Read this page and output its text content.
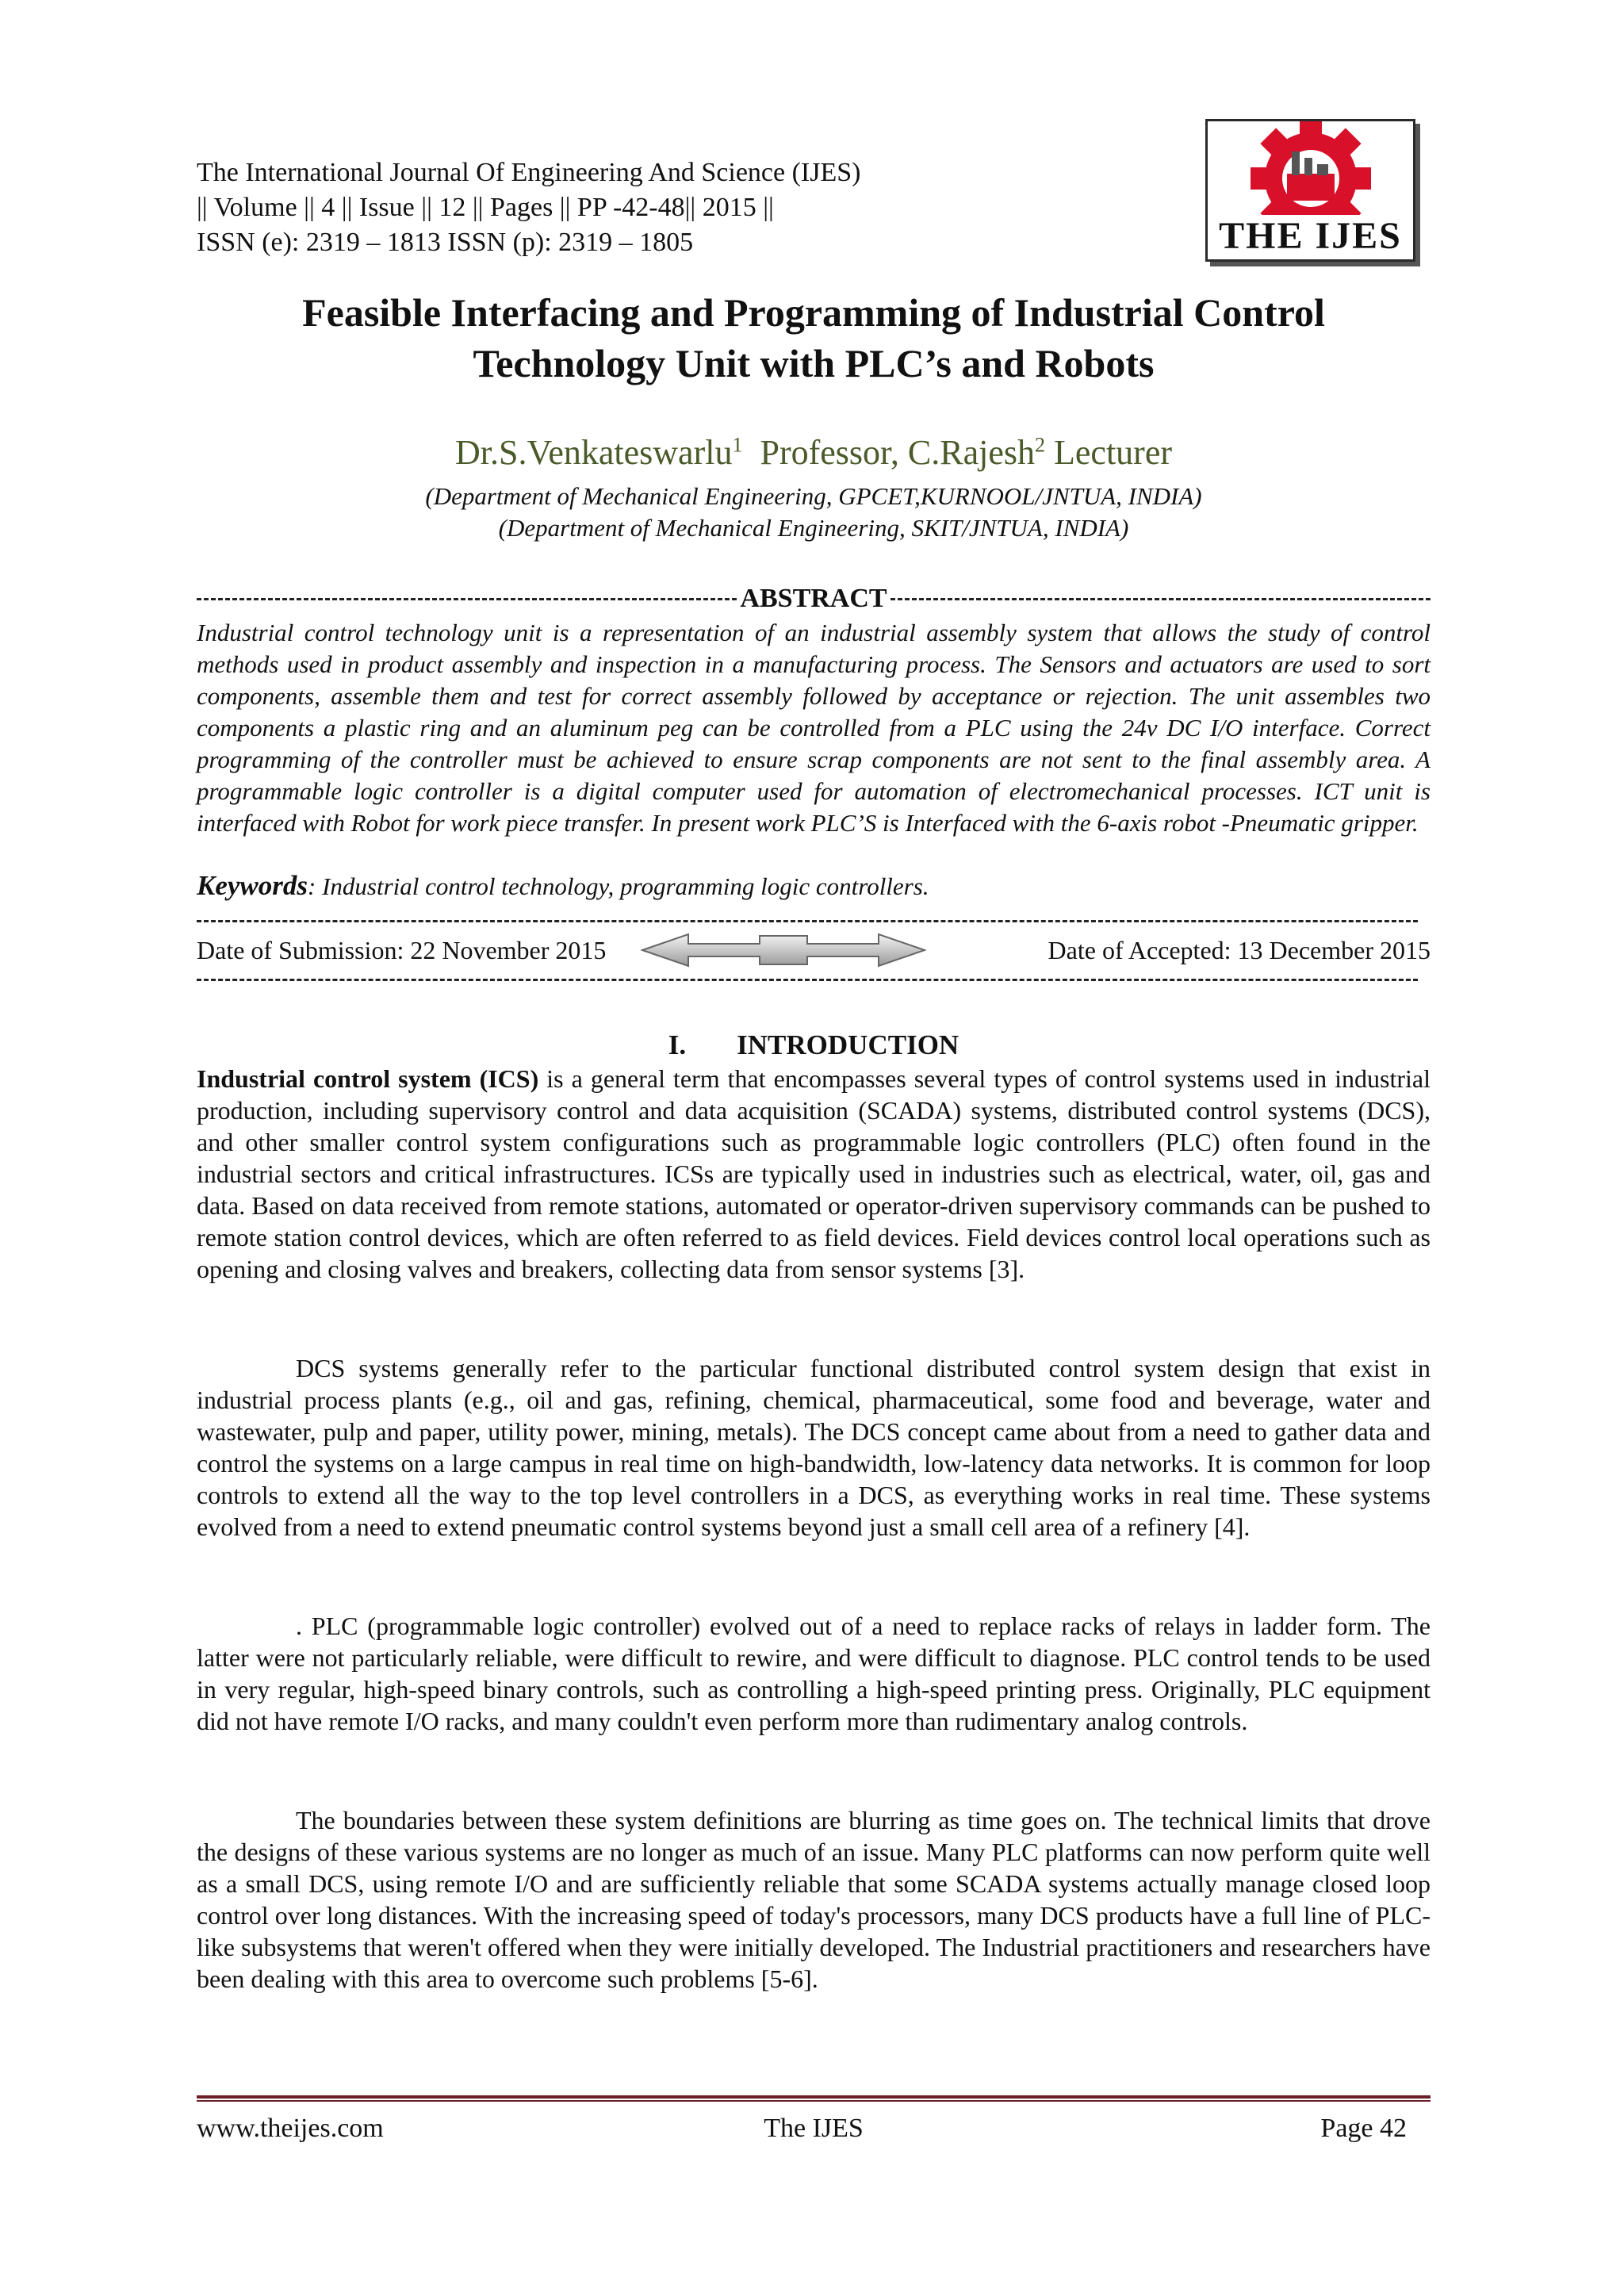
The International Journal Of Engineering And Science (IJES)
|| Volume || 4 || Issue || 12 || Pages || PP -42-48|| 2015 ||
ISSN (e): 2319 – 1813 ISSN (p): 2319 – 1805	THE IJES
Feasible Interfacing and Programming of Industrial Control
Technology Unit with PLC’s and Robots
Dr.S.Venkateswarlu$^1$ Professor, C.Rajesh$^2$ Lecturer
(Department of Mechanical Engineering, GPCET,KURNOOL/JNTUA, INDIA)
(Department of Mechanical Engineering, SKIT/JNTUA, INDIA)
ABSTRACT
Industrial control technology unit is a representation of an industrial assembly system that allows the study of control methods used in product assembly and inspection in a manufacturing process. The Sensors and actuators are used to sort components, assemble them and test for correct assembly followed by acceptance or rejection. The unit assembles two components a plastic ring and an aluminum peg can be controlled from a PLC using the 24v DC I/O interface. Correct programming of the controller must be achieved to ensure scrap components are not sent to the final assembly area. A programmable logic controller is a digital computer used for automation of electromechanical processes. ICT unit is interfaced with Robot for work piece transfer. In present work PLC’S is Interfaced with the 6-axis robot -Pneumatic gripper.
Keywords: Industrial control technology, programming logic controllers.
Date of Submission: 22 November 2015	Date of Accepted: 13 December 2015
I. INTRODUCTION
Industrial control system (ICS) is a general term that encompasses several types of control systems used in industrial production, including supervisory control and data acquisition (SCADA) systems, distributed control systems (DCS), and other smaller control system configurations such as programmable logic controllers (PLC) often found in the industrial sectors and critical infrastructures. ICSs are typically used in industries such as electrical, water, oil, gas and data. Based on data received from remote stations, automated or operator-driven supervisory commands can be pushed to remote station control devices, which are often referred to as field devices. Field devices control local operations such as opening and closing valves and breakers, collecting data from sensor systems [3].
DCS systems generally refer to the particular functional distributed control system design that exist in industrial process plants (e.g., oil and gas, refining, chemical, pharmaceutical, some food and beverage, water and wastewater, pulp and paper, utility power, mining, metals). The DCS concept came about from a need to gather data and control the systems on a large campus in real time on high-bandwidth, low-latency data networks. It is common for loop controls to extend all the way to the top level controllers in a DCS, as everything works in real time. These systems evolved from a need to extend pneumatic control systems beyond just a small cell area of a refinery [4].
. PLC (programmable logic controller) evolved out of a need to replace racks of relays in ladder form. The latter were not particularly reliable, were difficult to rewire, and were difficult to diagnose. PLC control tends to be used in very regular, high-speed binary controls, such as controlling a high-speed printing press. Originally, PLC equipment did not have remote I/O racks, and many couldn't even perform more than rudimentary analog controls.
The boundaries between these system definitions are blurring as time goes on. The technical limits that drove the designs of these various systems are no longer as much of an issue. Many PLC platforms can now perform quite well as a small DCS, using remote I/O and are sufficiently reliable that some SCADA systems actually manage closed loop control over long distances. With the increasing speed of today's processors, many DCS products have a full line of PLC-like subsystems that weren't offered when they were initially developed. The Industrial practitioners and researchers have been dealing with this area to overcome such problems [5-6].
www.theijes.com	The IJES	Page 42
